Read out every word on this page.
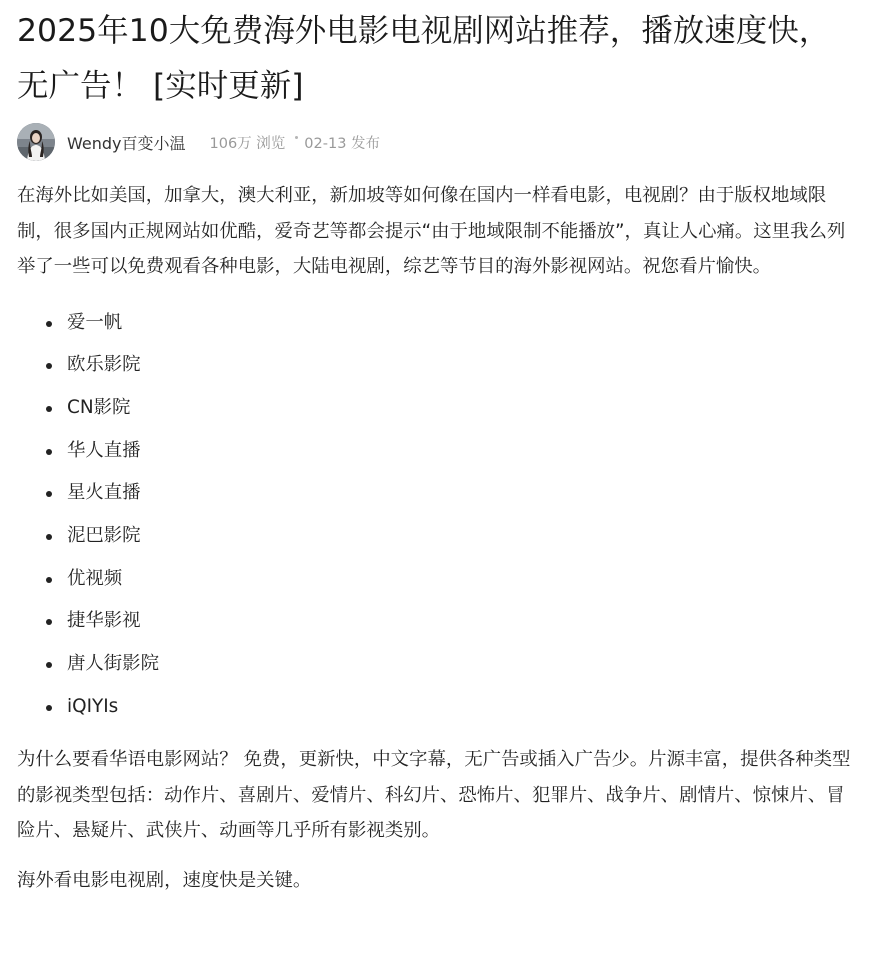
2025年10大免费海外电影电视剧网站推荐，播放速度快，无广告！ [实时更新]
Wendy百变小温 106万 浏览 02-13 发布

在海外比如美国，加拿大，澳大利亚，新加坡等如何像在国内一样看电影，电视剧？由于版权地域限制，很多国内正规网站如优酷，爱奇艺等都会提示“由于地域限制不能播放”，真让人心痛。这里我么列举了一些可以免费观看各种电影，大陆电视剧，综艺等节目的海外影视网站。祝您看片愉快。

爱一帆
欧乐影院
CN影院
华人直播
星火直播
泥巴影院
优视频
捷华影视
唐人街影院
iQIYIs

为什么要看华语电影网站？ 免费，更新快，中文字幕，无广告或插入广告少。片源丰富，提供各种类型的影视类型包括：动作片、喜剧片、爱情片、科幻片、恐怖片、犯罪片、战争片、剧情片、惊悚片、冒险片、悬疑片、武侠片、动画等几乎所有影视类别。

海外看电影电视剧，速度快是关键。
